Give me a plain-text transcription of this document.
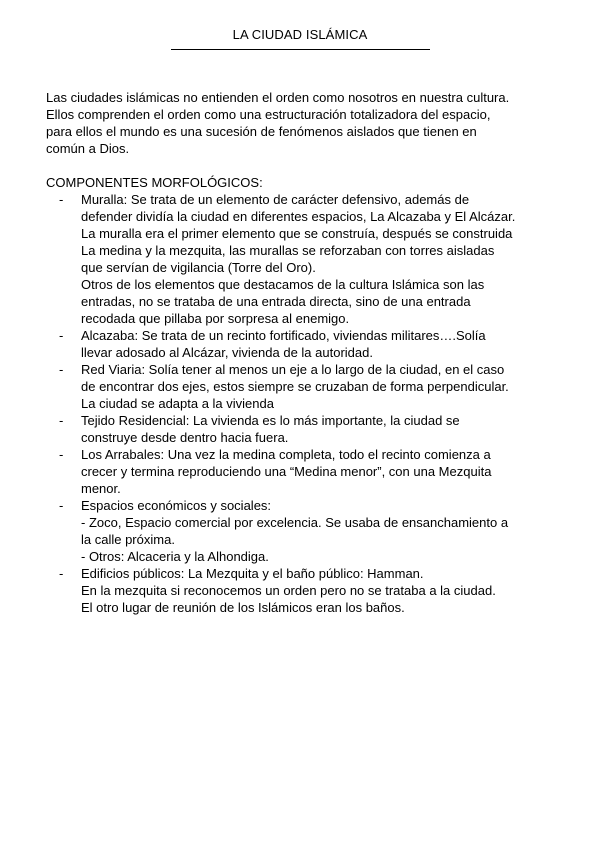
LA CIUDAD ISLÁMICA
Las ciudades islámicas no entienden el orden como nosotros en nuestra cultura.
Ellos comprenden el orden como una estructuración totalizadora del espacio,
para ellos el mundo es una sucesión de fenómenos aislados que tienen en
común a Dios.
COMPONENTES MORFOLÓGICOS:
- Muralla: Se trata de un elemento de carácter defensivo, además de
defender dividía la ciudad en diferentes espacios, La Alcazaba y El Alcázar.
La muralla era el primer elemento que se construía, después se construida
La medina y la mezquita, las murallas se reforzaban con torres aisladas
que servían de vigilancia (Torre del Oro).
Otros de los elementos que destacamos de la cultura Islámica son las
entradas, no se trataba de una entrada directa, sino de una entrada
recodada que pillaba por sorpresa al enemigo.
- Alcazaba: Se trata de un recinto fortificado, viviendas militares….Solía
llevar adosado al Alcázar, vivienda de la autoridad.
- Red Viaria: Solía tener al menos un eje a lo largo de la ciudad, en el caso
de encontrar dos ejes, estos siempre se cruzaban de forma perpendicular.
La ciudad se adapta a la vivienda
- Tejido Residencial: La vivienda es lo más importante, la ciudad se
construye desde dentro hacia fuera.
- Los Arrabales: Una vez la medina completa, todo el recinto comienza a
crecer y termina reproduciendo una “Medina menor”, con una Mezquita
menor.
- Espacios económicos y sociales:
- Zoco, Espacio comercial por excelencia. Se usaba de ensanchamiento a
la calle próxima.
- Otros: Alcaceria y la Alhondiga.
- Edificios públicos: La Mezquita y el baño público: Hamman.
En la mezquita si reconocemos un orden pero no se trataba a la ciudad.
El otro lugar de reunión de los Islámicos eran los baños.
